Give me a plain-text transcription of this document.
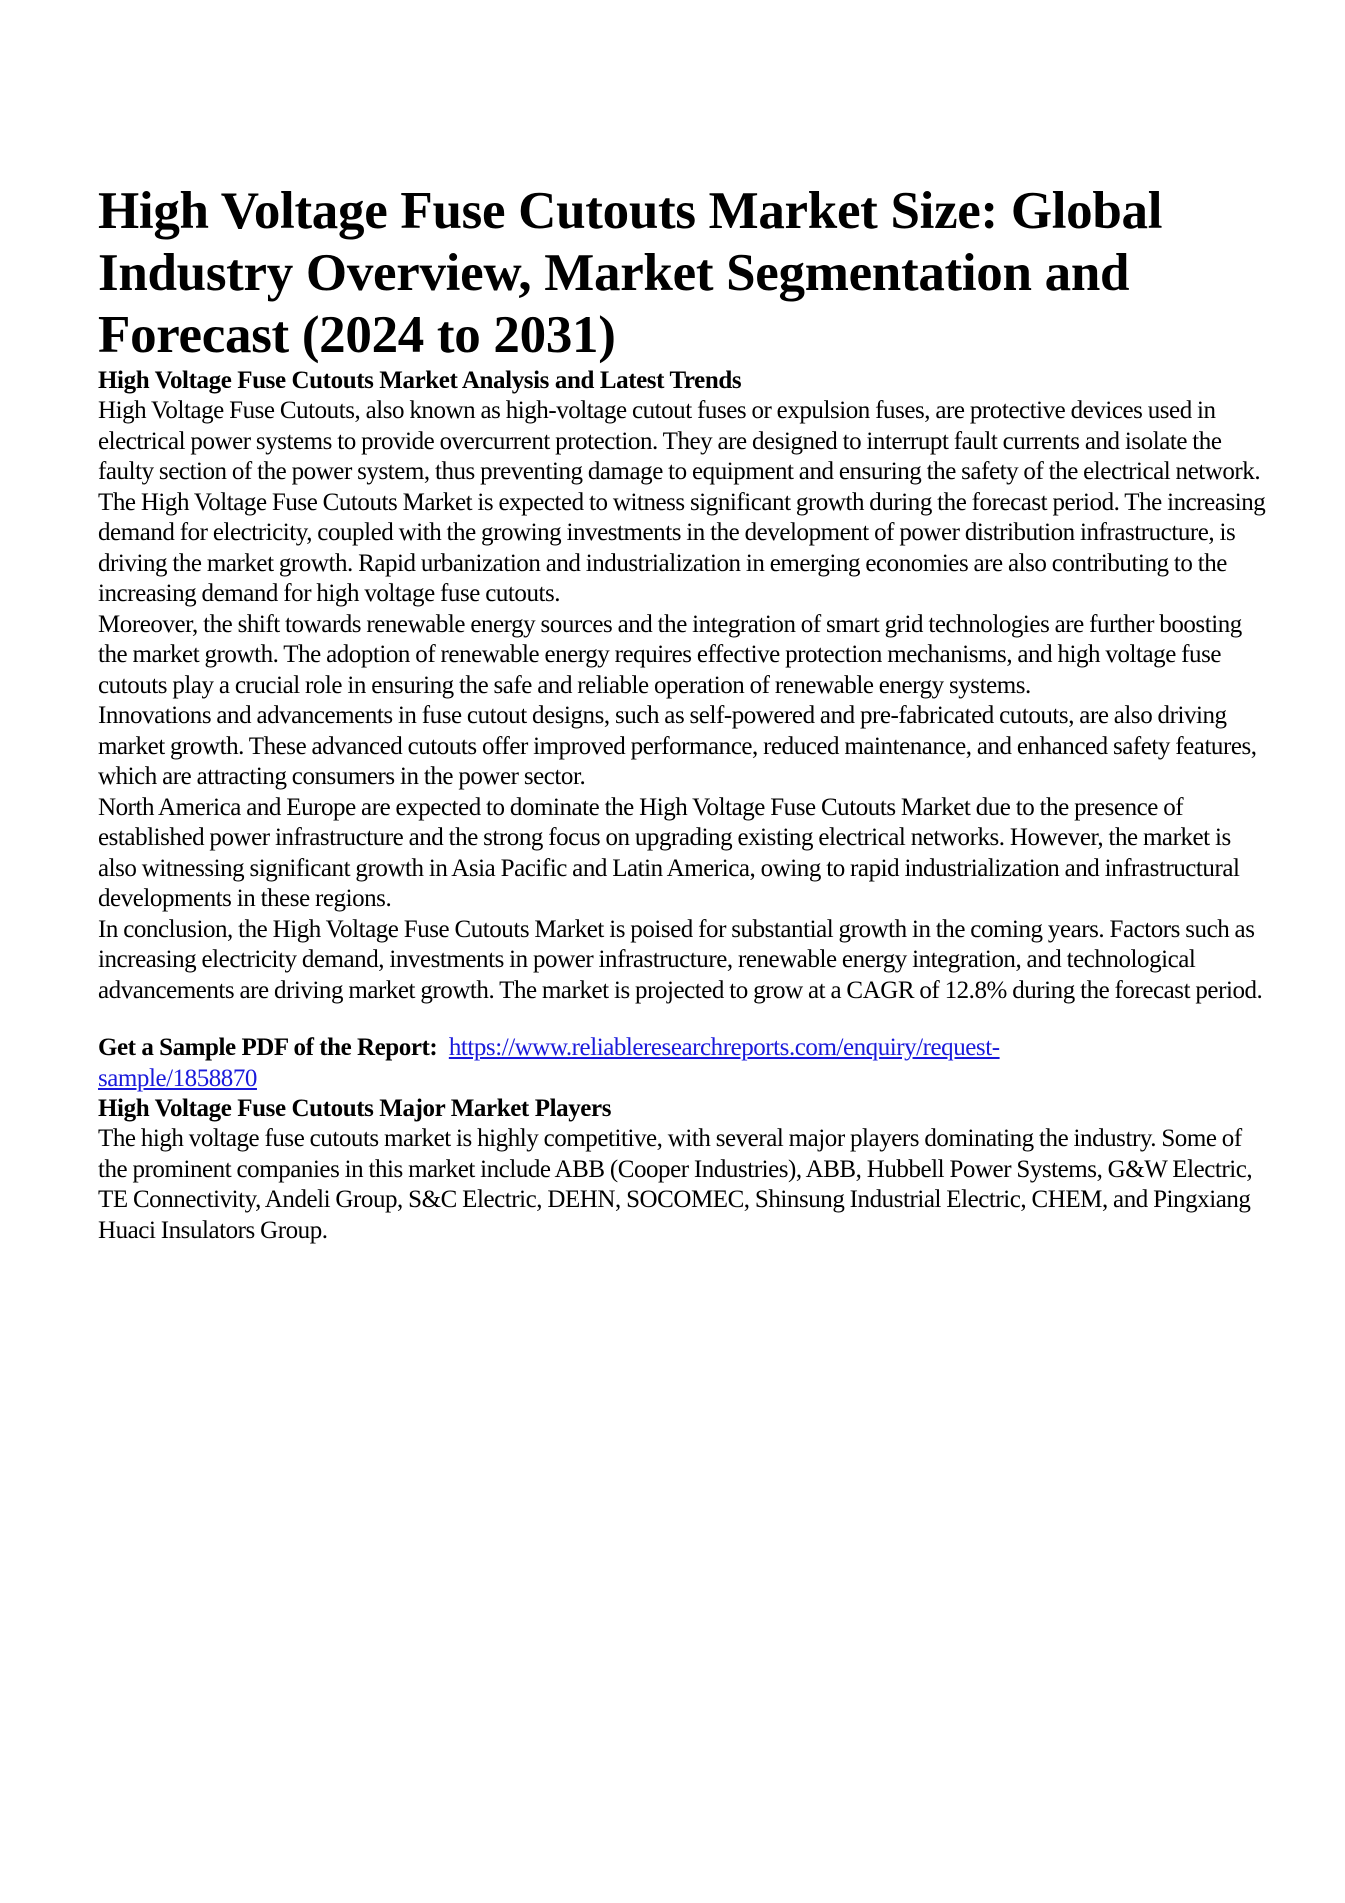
High Voltage Fuse Cutouts Market Size: Global Industry Overview, Market Segmentation and Forecast (2024 to 2031)
High Voltage Fuse Cutouts Market Analysis and Latest Trends

High Voltage Fuse Cutouts, also known as high-voltage cutout fuses or expulsion fuses, are protective devices used in electrical power systems to provide overcurrent protection. They are designed to interrupt fault currents and isolate the faulty section of the power system, thus preventing damage to equipment and ensuring the safety of the electrical network.

The High Voltage Fuse Cutouts Market is expected to witness significant growth during the forecast period. The increasing demand for electricity, coupled with the growing investments in the development of power distribution infrastructure, is driving the market growth. Rapid urbanization and industrialization in emerging economies are also contributing to the increasing demand for high voltage fuse cutouts.

Moreover, the shift towards renewable energy sources and the integration of smart grid technologies are further boosting the market growth. The adoption of renewable energy requires effective protection mechanisms, and high voltage fuse cutouts play a crucial role in ensuring the safe and reliable operation of renewable energy systems.

Innovations and advancements in fuse cutout designs, such as self-powered and pre-fabricated cutouts, are also driving market growth. These advanced cutouts offer improved performance, reduced maintenance, and enhanced safety features, which are attracting consumers in the power sector.

North America and Europe are expected to dominate the High Voltage Fuse Cutouts Market due to the presence of established power infrastructure and the strong focus on upgrading existing electrical networks. However, the market is also witnessing significant growth in Asia Pacific and Latin America, owing to rapid industrialization and infrastructural developments in these regions.

In conclusion, the High Voltage Fuse Cutouts Market is poised for substantial growth in the coming years. Factors such as increasing electricity demand, investments in power infrastructure, renewable energy integration, and technological advancements are driving market growth. The market is projected to grow at a CAGR of 12.8% during the forecast period.

Get a Sample PDF of the Report: https://www.reliableresearchreports.com/enquiry/request-sample/1858870
High Voltage Fuse Cutouts Major Market Players

The high voltage fuse cutouts market is highly competitive, with several major players dominating the industry. Some of the prominent companies in this market include ABB (Cooper Industries), ABB, Hubbell Power Systems, G&W Electric, TE Connectivity, Andeli Group, S&C Electric, DEHN, SOCOMEC, Shinsung Industrial Electric, CHEM, and Pingxiang Huaci Insulators Group.
